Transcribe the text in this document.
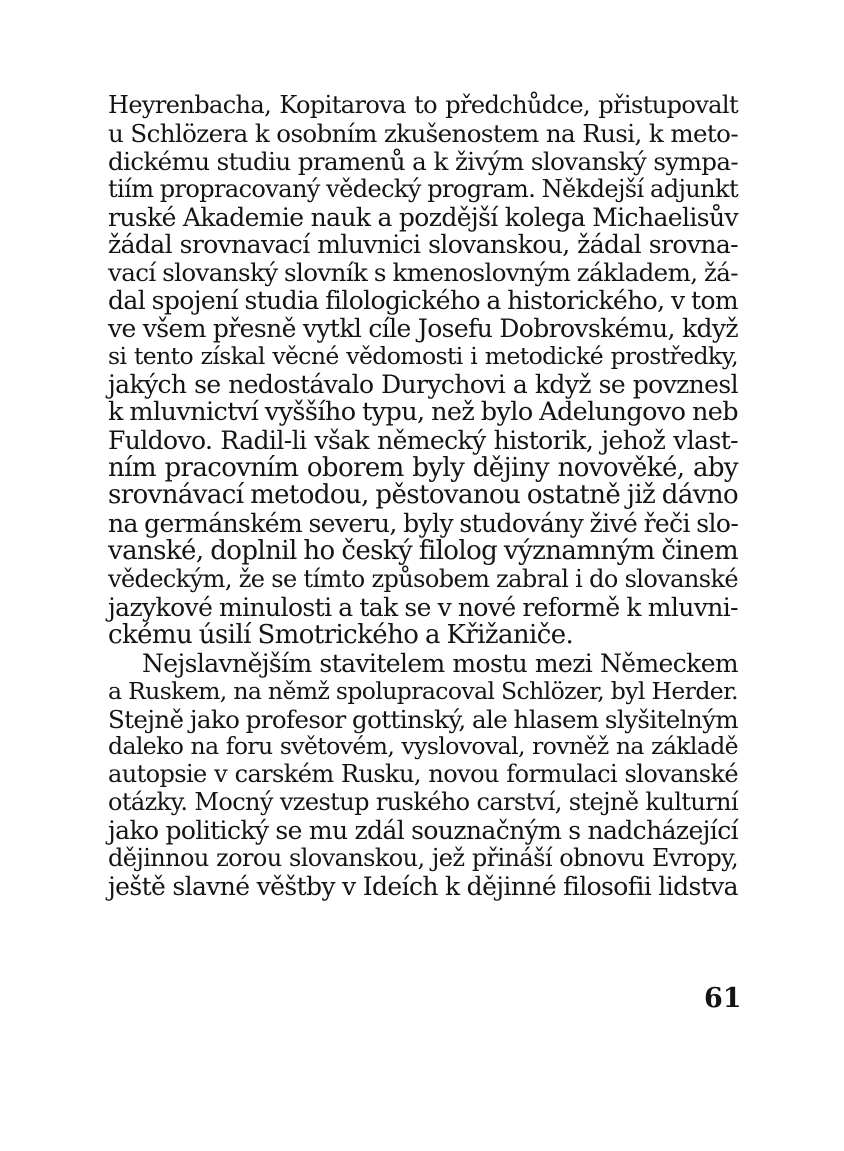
Heyrenbacha, Kopitarova to předchůdce, přistupovalt
u Schlözera k osobním zkušenostem na Rusi, k meto-
dickému studiu pramenů a k živým slovanský sympa-
tiím propracovaný vědecký program. Někdejší adjunkt
ruské Akademie nauk a pozdější kolega Michaelisův
žádal srovnavací mluvnici slovanskou, žádal srovna-
vací slovanský slovník s kmenoslovným základem, žá-
dal spojení studia filologického a historického, v tom
ve všem přesně vytkl cíle Josefu Dobrovskému, když
si tento získal věcné vědomosti i metodické prostředky,
jakých se nedostávalo Durychovi a když se povznesl
k mluvnictví vyššího typu, než bylo Adelungovo neb
Fuldovo. Radil-li však německý historik, jehož vlast-
ním pracovním oborem byly dějiny novověké, aby
srovnávací metodou, pěstovanou ostatně již dávno
na germánském severu, byly studovány živé řeči slo-
vanské, doplnil ho český filolog významným činem
vědeckým, že se tímto způsobem zabral i do slovanské
jazykové minulosti a tak se v nové reformě k mluvni-
ckému úsilí Smotrického a Křižaniče.
Nejslavnějším stavitelem mostu mezi Německem
a Ruskem, na němž spolupracoval Schlözer, byl Herder.
Stejně jako profesor gottinský, ale hlasem slyšitelným
daleko na foru světovém, vyslovoval, rovněž na základě
autopsie v carském Rusku, novou formulaci slovanské
otázky. Mocný vzestup ruského carství, stejně kulturní
jako politický se mu zdál souznačným s nadcházející
dějinnou zorou slovanskou, jež přináší obnovu Evropy,
ještě slavné věštby v Ideích k dějinné filosofii lidstva
61
